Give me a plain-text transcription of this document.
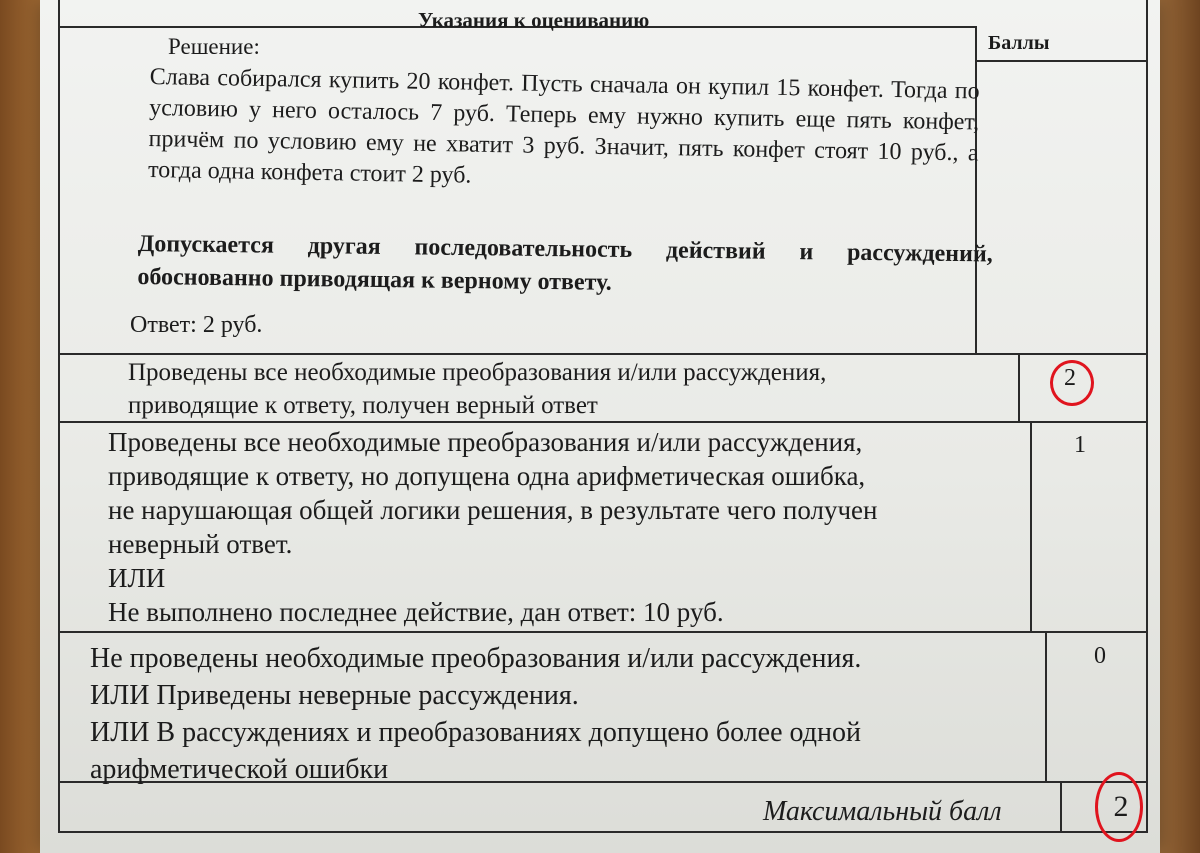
Указания к оцениванию
Баллы
Решение:
Слава собирался купить 20 конфет. Пусть сначала он купил 15 конфет. Тогда по условию у него осталось 7 руб. Теперь ему нужно купить еще пять конфет, причём по условию ему не хватит 3 руб. Значит, пять конфет стоят 10 руб., а тогда одна конфета стоит 2 руб.
Допускается другая последовательность действий и рассуждений, обоснованно приводящая к верному ответу.
Ответ: 2 руб.
Проведены все необходимые преобразования и/или рассуждения,
приводящие к ответу, получен верный ответ
2
Проведены все необходимые преобразования и/или рассуждения,
приводящие к ответу, но допущена одна арифметическая ошибка,
не нарушающая общей логики решения, в результате чего получен
неверный ответ.
ИЛИ
Не выполнено последнее действие, дан ответ: 10 руб.
1
Не проведены необходимые преобразования и/или рассуждения.
ИЛИ Приведены неверные рассуждения.
ИЛИ В рассуждениях и преобразованиях допущено более одной
арифметической ошибки
0
Максимальный балл	2
